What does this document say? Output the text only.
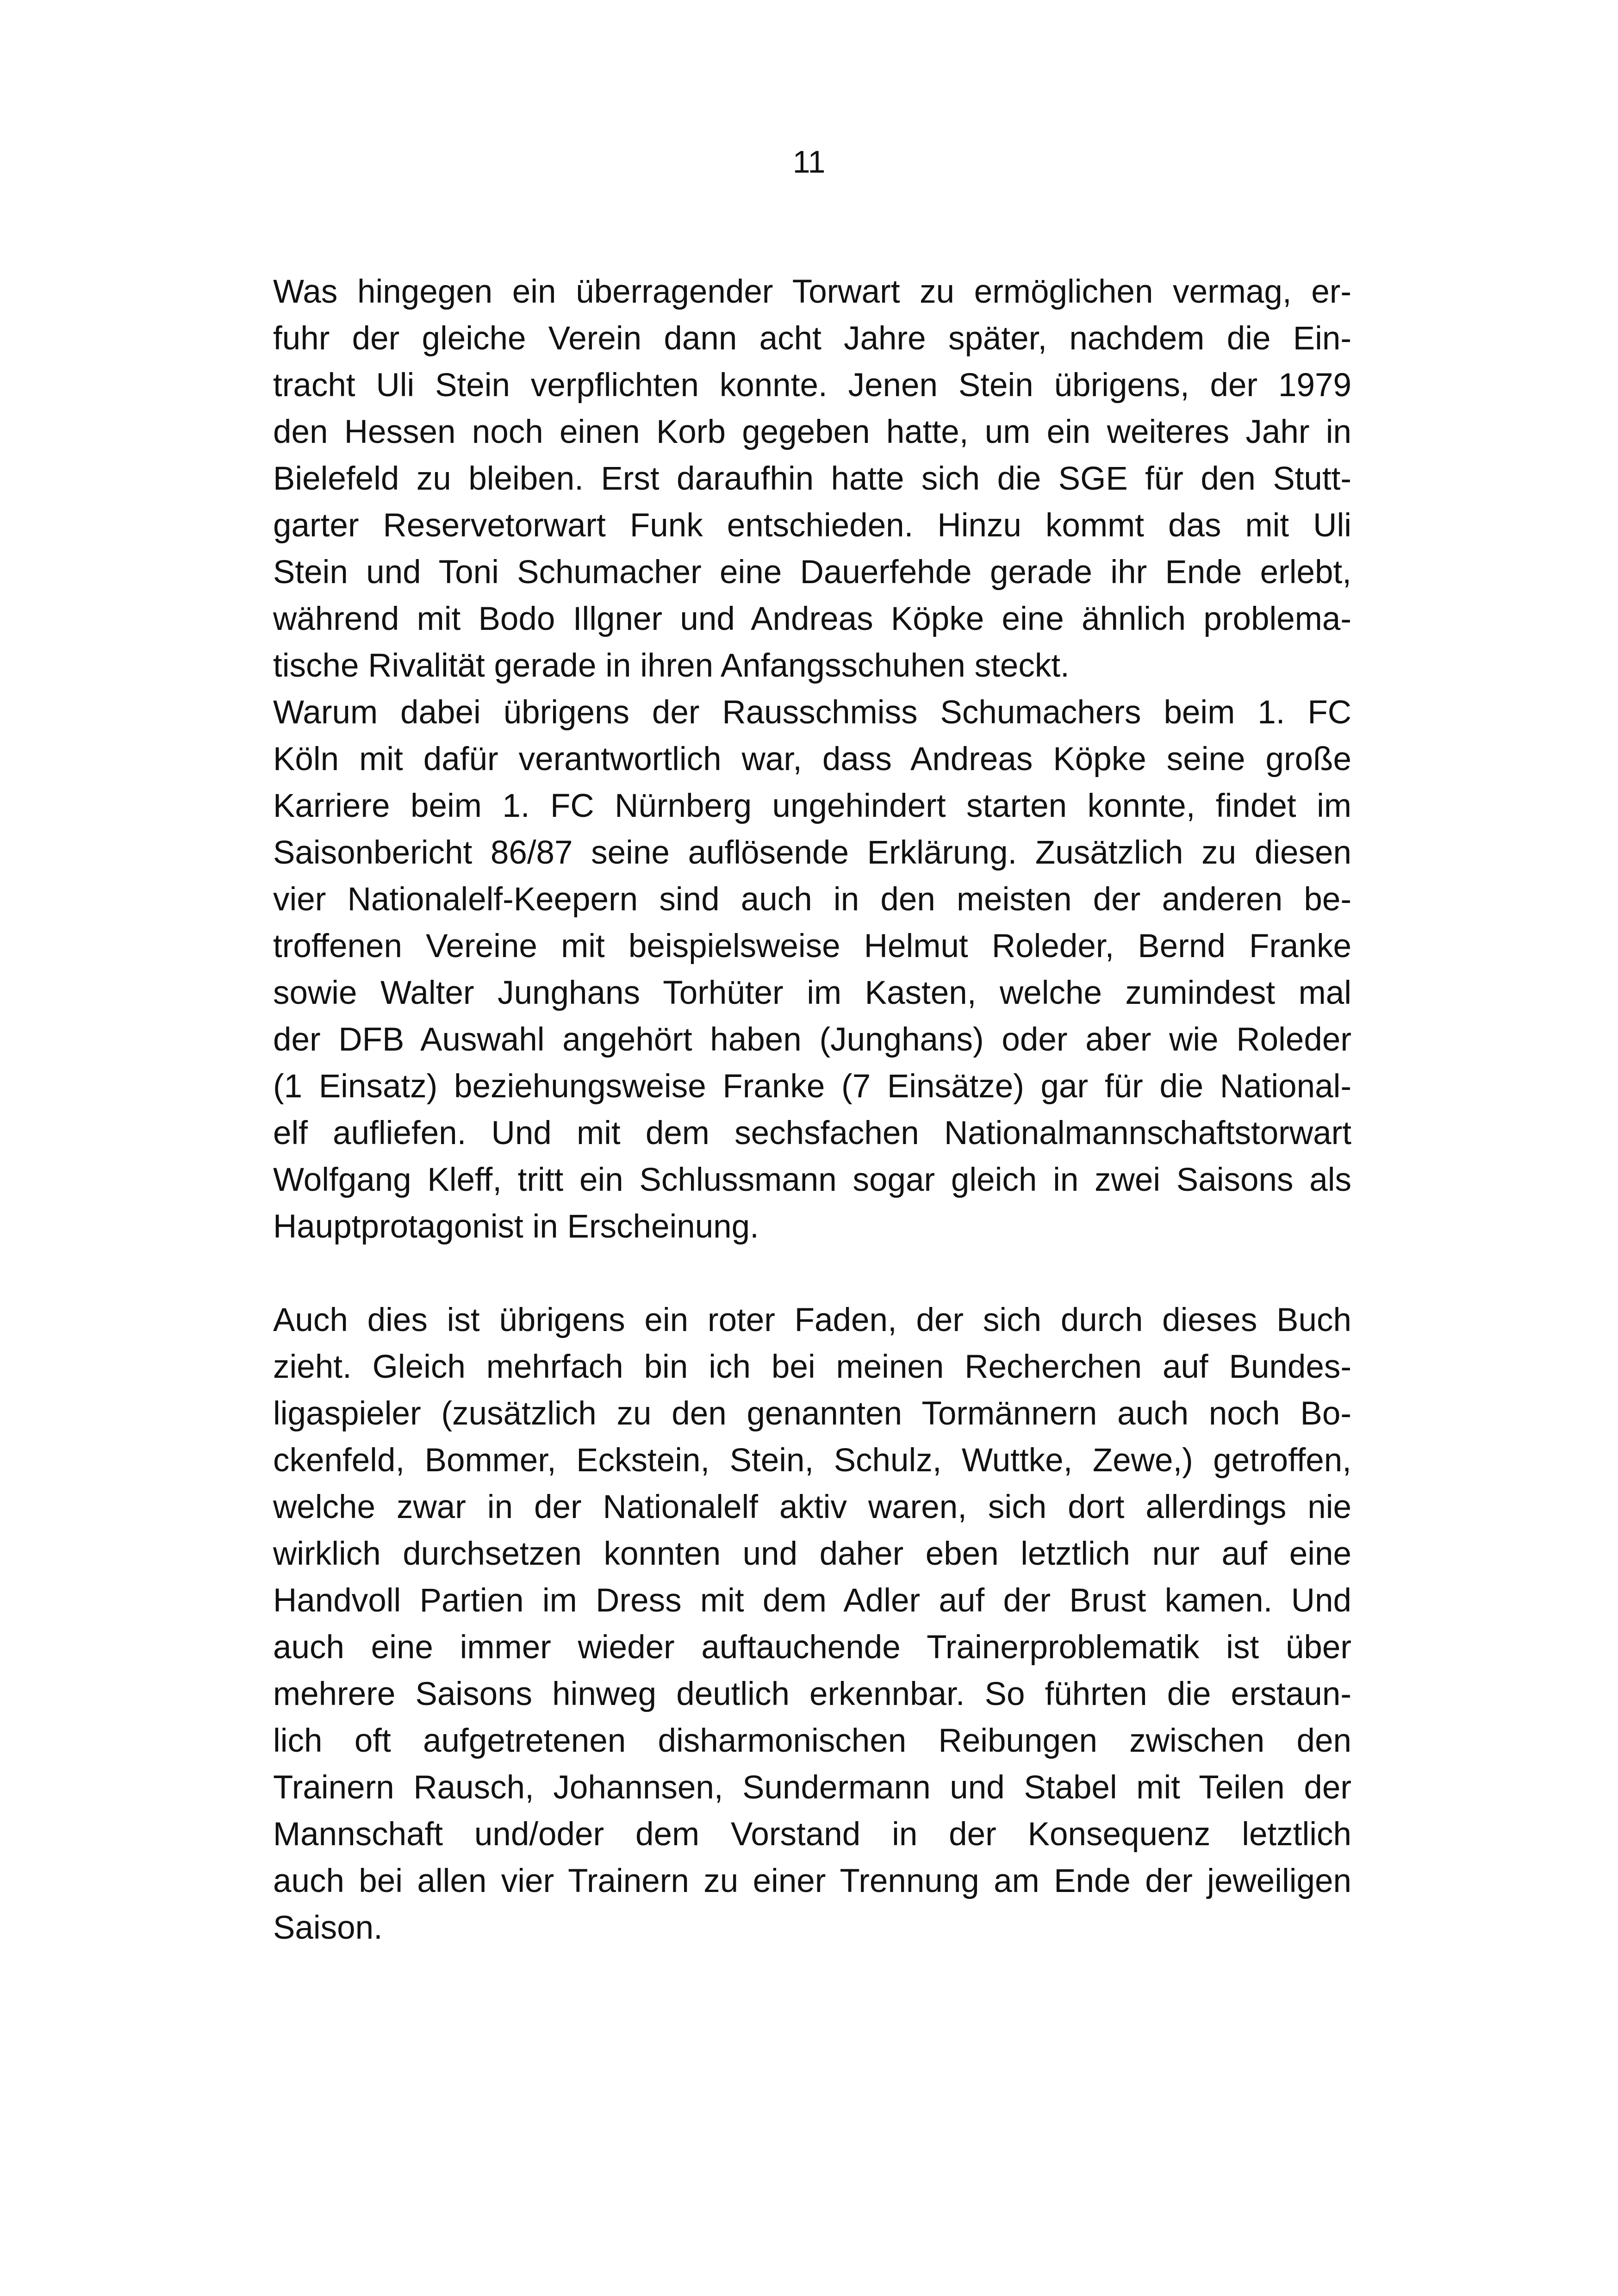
11

Was hingegen ein überragender Torwart zu ermöglichen vermag, er-
fuhr der gleiche Verein dann acht Jahre später, nachdem die Ein-
tracht Uli Stein verpflichten konnte. Jenen Stein übrigens, der 1979
den Hessen noch einen Korb gegeben hatte, um ein weiteres Jahr in
Bielefeld zu bleiben. Erst daraufhin hatte sich die SGE für den Stutt-
garter Reservetorwart Funk entschieden. Hinzu kommt das mit Uli
Stein und Toni Schumacher eine Dauerfehde gerade ihr Ende erlebt,
während mit Bodo Illgner und Andreas Köpke eine ähnlich problema-
tische Rivalität gerade in ihren Anfangsschuhen steckt.
Warum dabei übrigens der Rausschmiss Schumachers beim 1. FC
Köln mit dafür verantwortlich war, dass Andreas Köpke seine große
Karriere beim 1. FC Nürnberg ungehindert starten konnte, findet im
Saisonbericht 86/87 seine auflösende Erklärung. Zusätzlich zu diesen
vier Nationalelf-Keepern sind auch in den meisten der anderen be-
troffenen Vereine mit beispielsweise Helmut Roleder, Bernd Franke
sowie Walter Junghans Torhüter im Kasten, welche zumindest mal
der DFB Auswahl angehört haben (Junghans) oder aber wie Roleder
(1 Einsatz) beziehungsweise Franke (7 Einsätze) gar für die National-
elf aufliefen. Und mit dem sechsfachen Nationalmannschaftstorwart
Wolfgang Kleff, tritt ein Schlussmann sogar gleich in zwei Saisons als
Hauptprotagonist in Erscheinung.
Auch dies ist übrigens ein roter Faden, der sich durch dieses Buch
zieht. Gleich mehrfach bin ich bei meinen Recherchen auf Bundes-
ligaspieler (zusätzlich zu den genannten Tormännern auch noch Bo-
ckenfeld, Bommer, Eckstein, Stein, Schulz, Wuttke, Zewe,) getroffen,
welche zwar in der Nationalelf aktiv waren, sich dort allerdings nie
wirklich durchsetzen konnten und daher eben letztlich nur auf eine
Handvoll Partien im Dress mit dem Adler auf der Brust kamen. Und
auch eine immer wieder auftauchende Trainerproblematik ist über
mehrere Saisons hinweg deutlich erkennbar. So führten die erstaun-
lich oft aufgetretenen disharmonischen Reibungen zwischen den
Trainern Rausch, Johannsen, Sundermann und Stabel mit Teilen der
Mannschaft und/oder dem Vorstand in der Konsequenz letztlich
auch bei allen vier Trainern zu einer Trennung am Ende der jeweiligen
Saison.
